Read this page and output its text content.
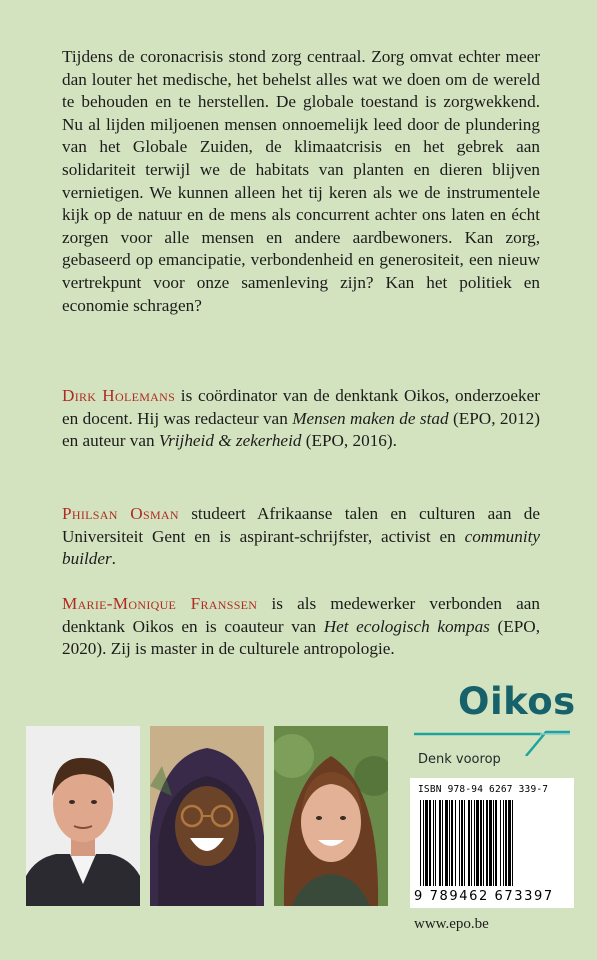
Tijdens de coronacrisis stond zorg centraal. Zorg omvat echter meer dan louter het medische, het behelst alles wat we doen om de wereld te behouden en te herstellen. De globale toestand is zorgwekkend. Nu al lijden miljoenen mensen onnoemelijk leed door de plundering van het Globale Zuiden, de klimaatcrisis en het gebrek aan solidariteit terwijl we de habitats van planten en dieren blijven vernietigen. We kunnen alleen het tij keren als we de instrumentele kijk op de natuur en de mens als concurrent achter ons laten en écht zorgen voor alle mensen en andere aardbewoners. Kan zorg, gebaseerd op emancipatie, verbondenheid en generositeit, een nieuw vertrekpunt voor onze samenleving zijn? Kan het politiek en economie schragen?

Dirk Holemans is coördinator van de denktank Oikos, onderzoeker en docent. Hij was redacteur van Mensen maken de stad (EPO, 2012) en auteur van Vrijheid & zekerheid (EPO, 2016).

Philsan Osman studeert Afrikaanse talen en culturen aan de Universiteit Gent en is aspirant-schrijfster, activist en community builder.

Marie-Monique Franssen is als medewerker verbonden aan denktank Oikos en is coauteur van Het ecologisch kompas (EPO, 2020). Zij is master in de culturele antropologie.

Oikos
Denk voorop
ISBN 978-94 6267 339-7
9 789462 673397
www.epo.be
